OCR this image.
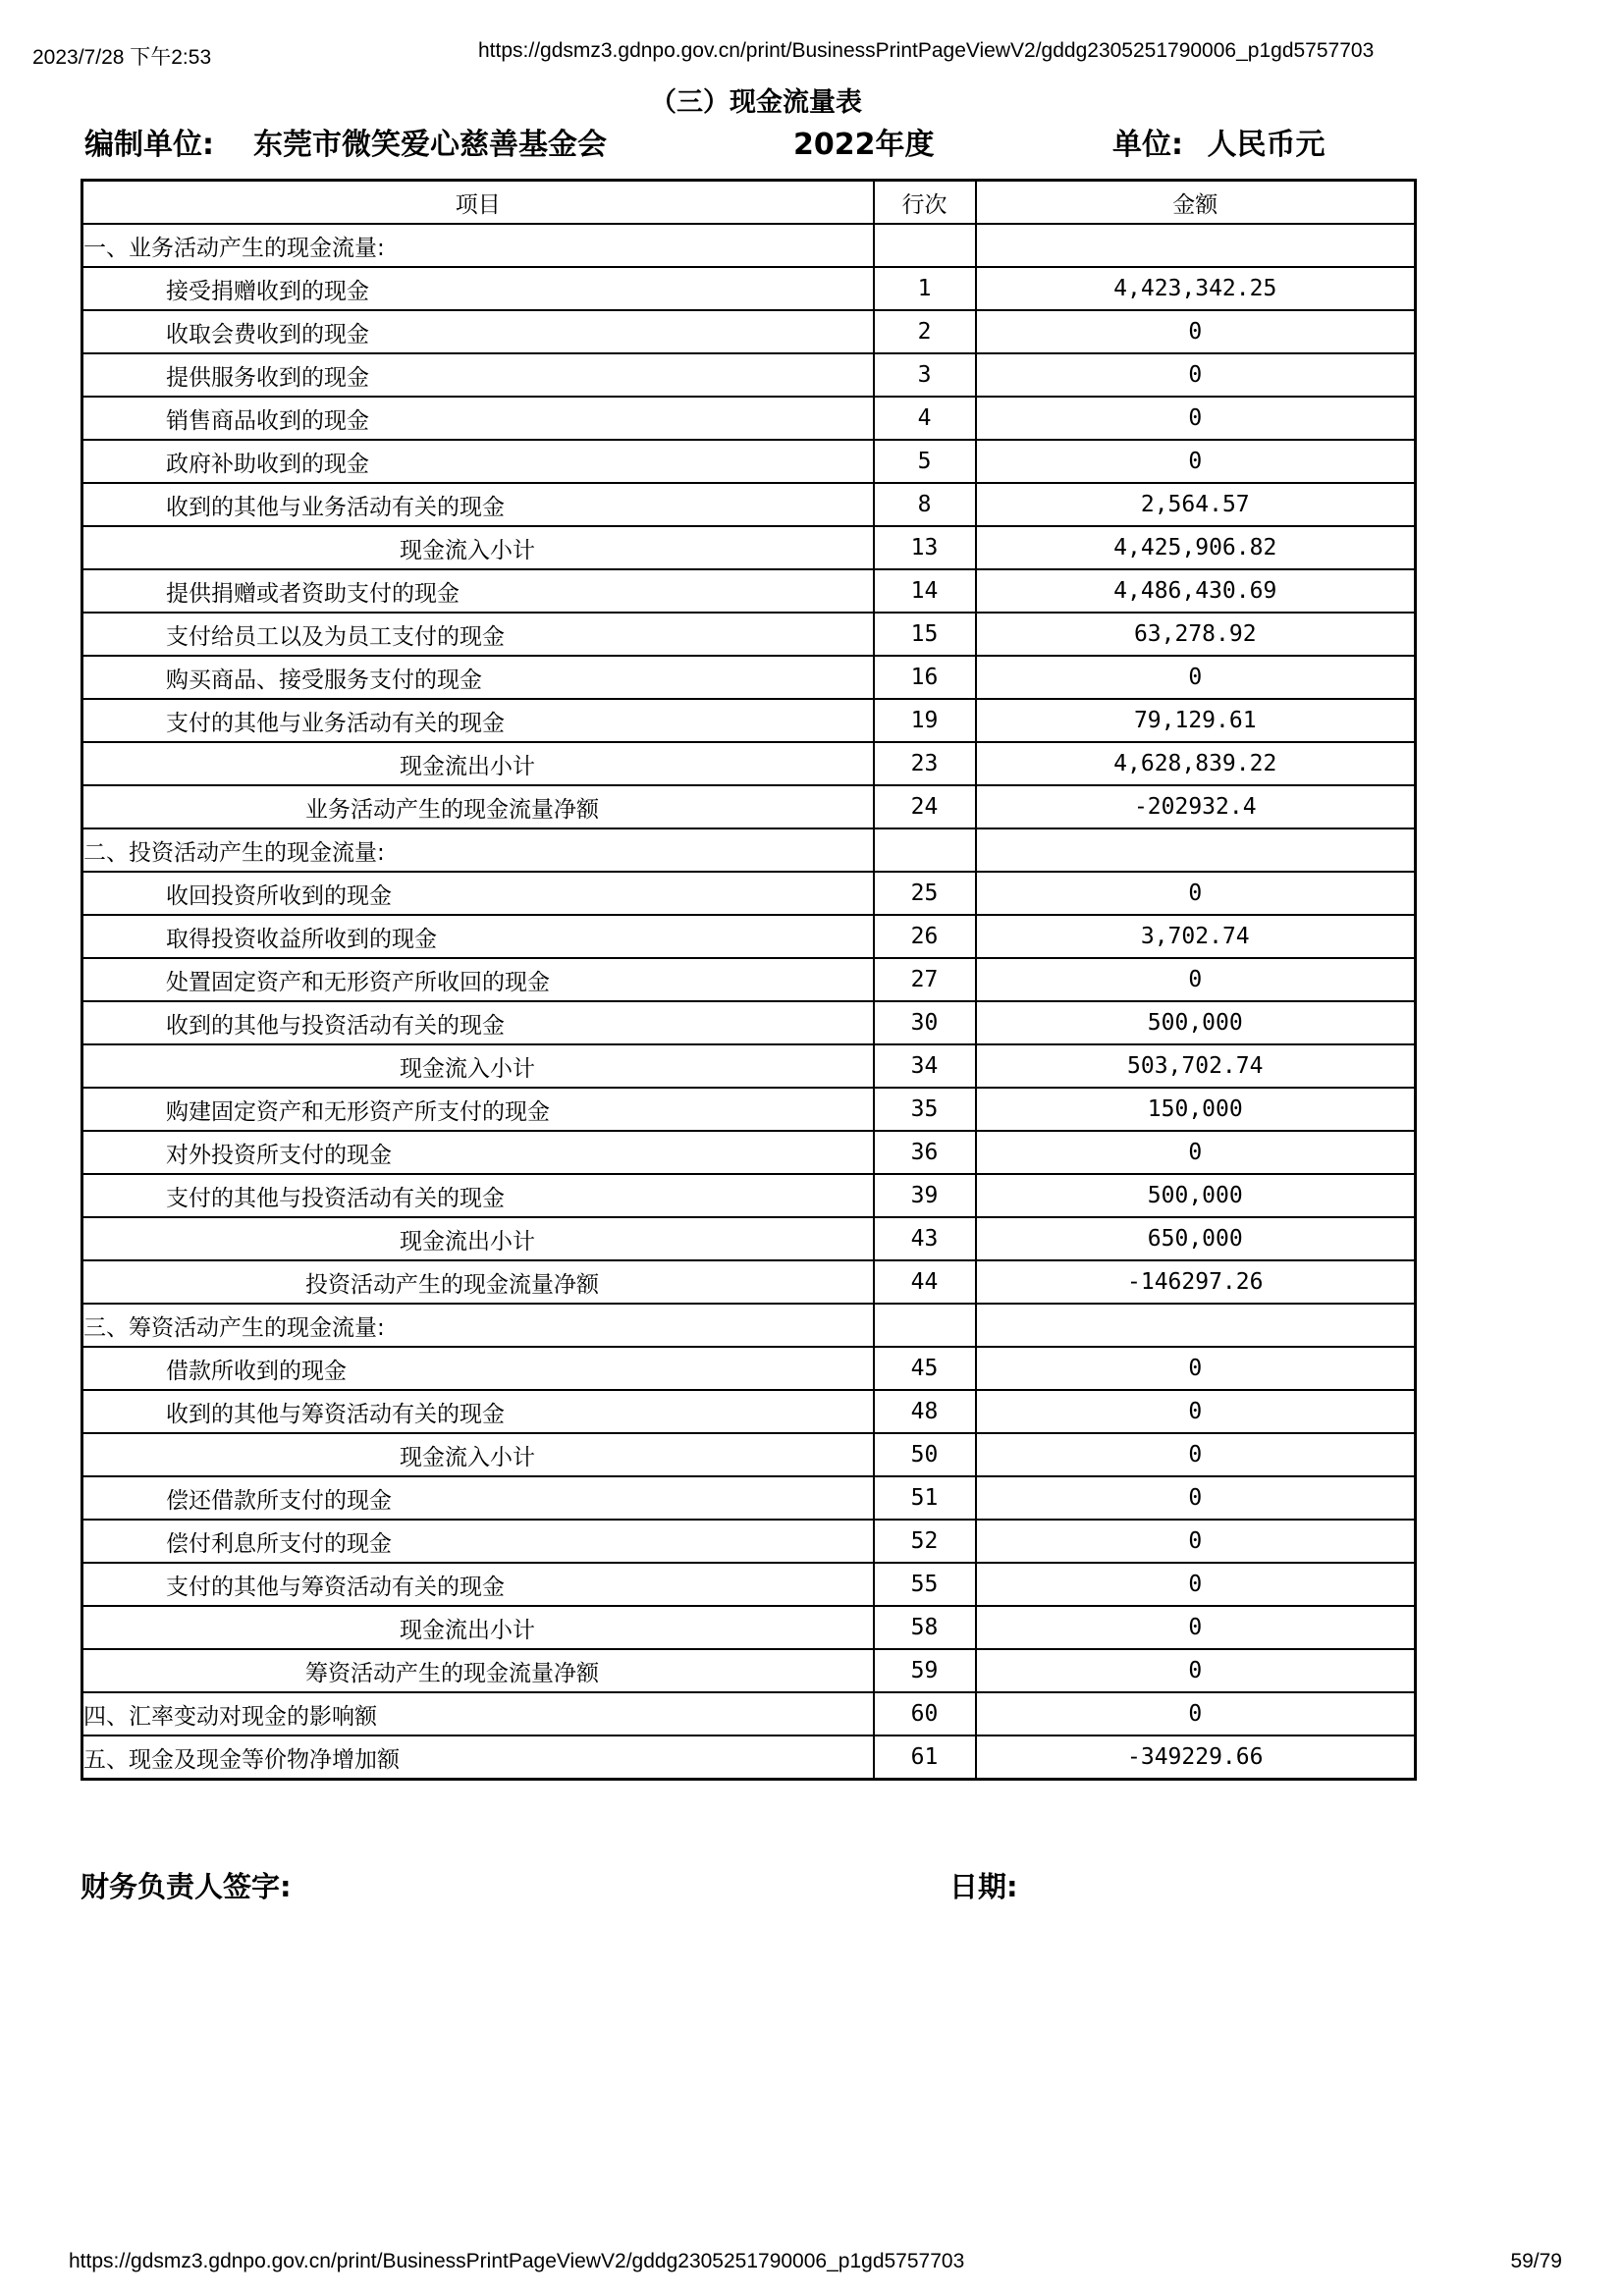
2023/7/28 下午2:53	https://gdsmz3.gdnpo.gov.cn/print/BusinessPrintPageViewV2/gddg2305251790006_p1gd5757703
（三）现金流量表
编制单位: 东莞市微笑爱心慈善基金会	2022年度	单位: 人民币元
项目	行次	金额
一、业务活动产生的现金流量:		
接受捐赠收到的现金	1	4,423,342.25
收取会费收到的现金	2	0
提供服务收到的现金	3	0
销售商品收到的现金	4	0
政府补助收到的现金	5	0
收到的其他与业务活动有关的现金	8	2,564.57
现金流入小计	13	4,425,906.82
提供捐赠或者资助支付的现金	14	4,486,430.69
支付给员工以及为员工支付的现金	15	63,278.92
购买商品、接受服务支付的现金	16	0
支付的其他与业务活动有关的现金	19	79,129.61
现金流出小计	23	4,628,839.22
业务活动产生的现金流量净额	24	-202932.4
二、投资活动产生的现金流量:		
收回投资所收到的现金	25	0
取得投资收益所收到的现金	26	3,702.74
处置固定资产和无形资产所收回的现金	27	0
收到的其他与投资活动有关的现金	30	500,000
现金流入小计	34	503,702.74
购建固定资产和无形资产所支付的现金	35	150,000
对外投资所支付的现金	36	0
支付的其他与投资活动有关的现金	39	500,000
现金流出小计	43	650,000
投资活动产生的现金流量净额	44	-146297.26
三、筹资活动产生的现金流量:		
借款所收到的现金	45	0
收到的其他与筹资活动有关的现金	48	0
现金流入小计	50	0
偿还借款所支付的现金	51	0
偿付利息所支付的现金	52	0
支付的其他与筹资活动有关的现金	55	0
现金流出小计	58	0
筹资活动产生的现金流量净额	59	0
四、汇率变动对现金的影响额	60	0
五、现金及现金等价物净增加额	61	-349229.66
财务负责人签字:	日期:
https://gdsmz3.gdnpo.gov.cn/print/BusinessPrintPageViewV2/gddg2305251790006_p1gd5757703	59/79
